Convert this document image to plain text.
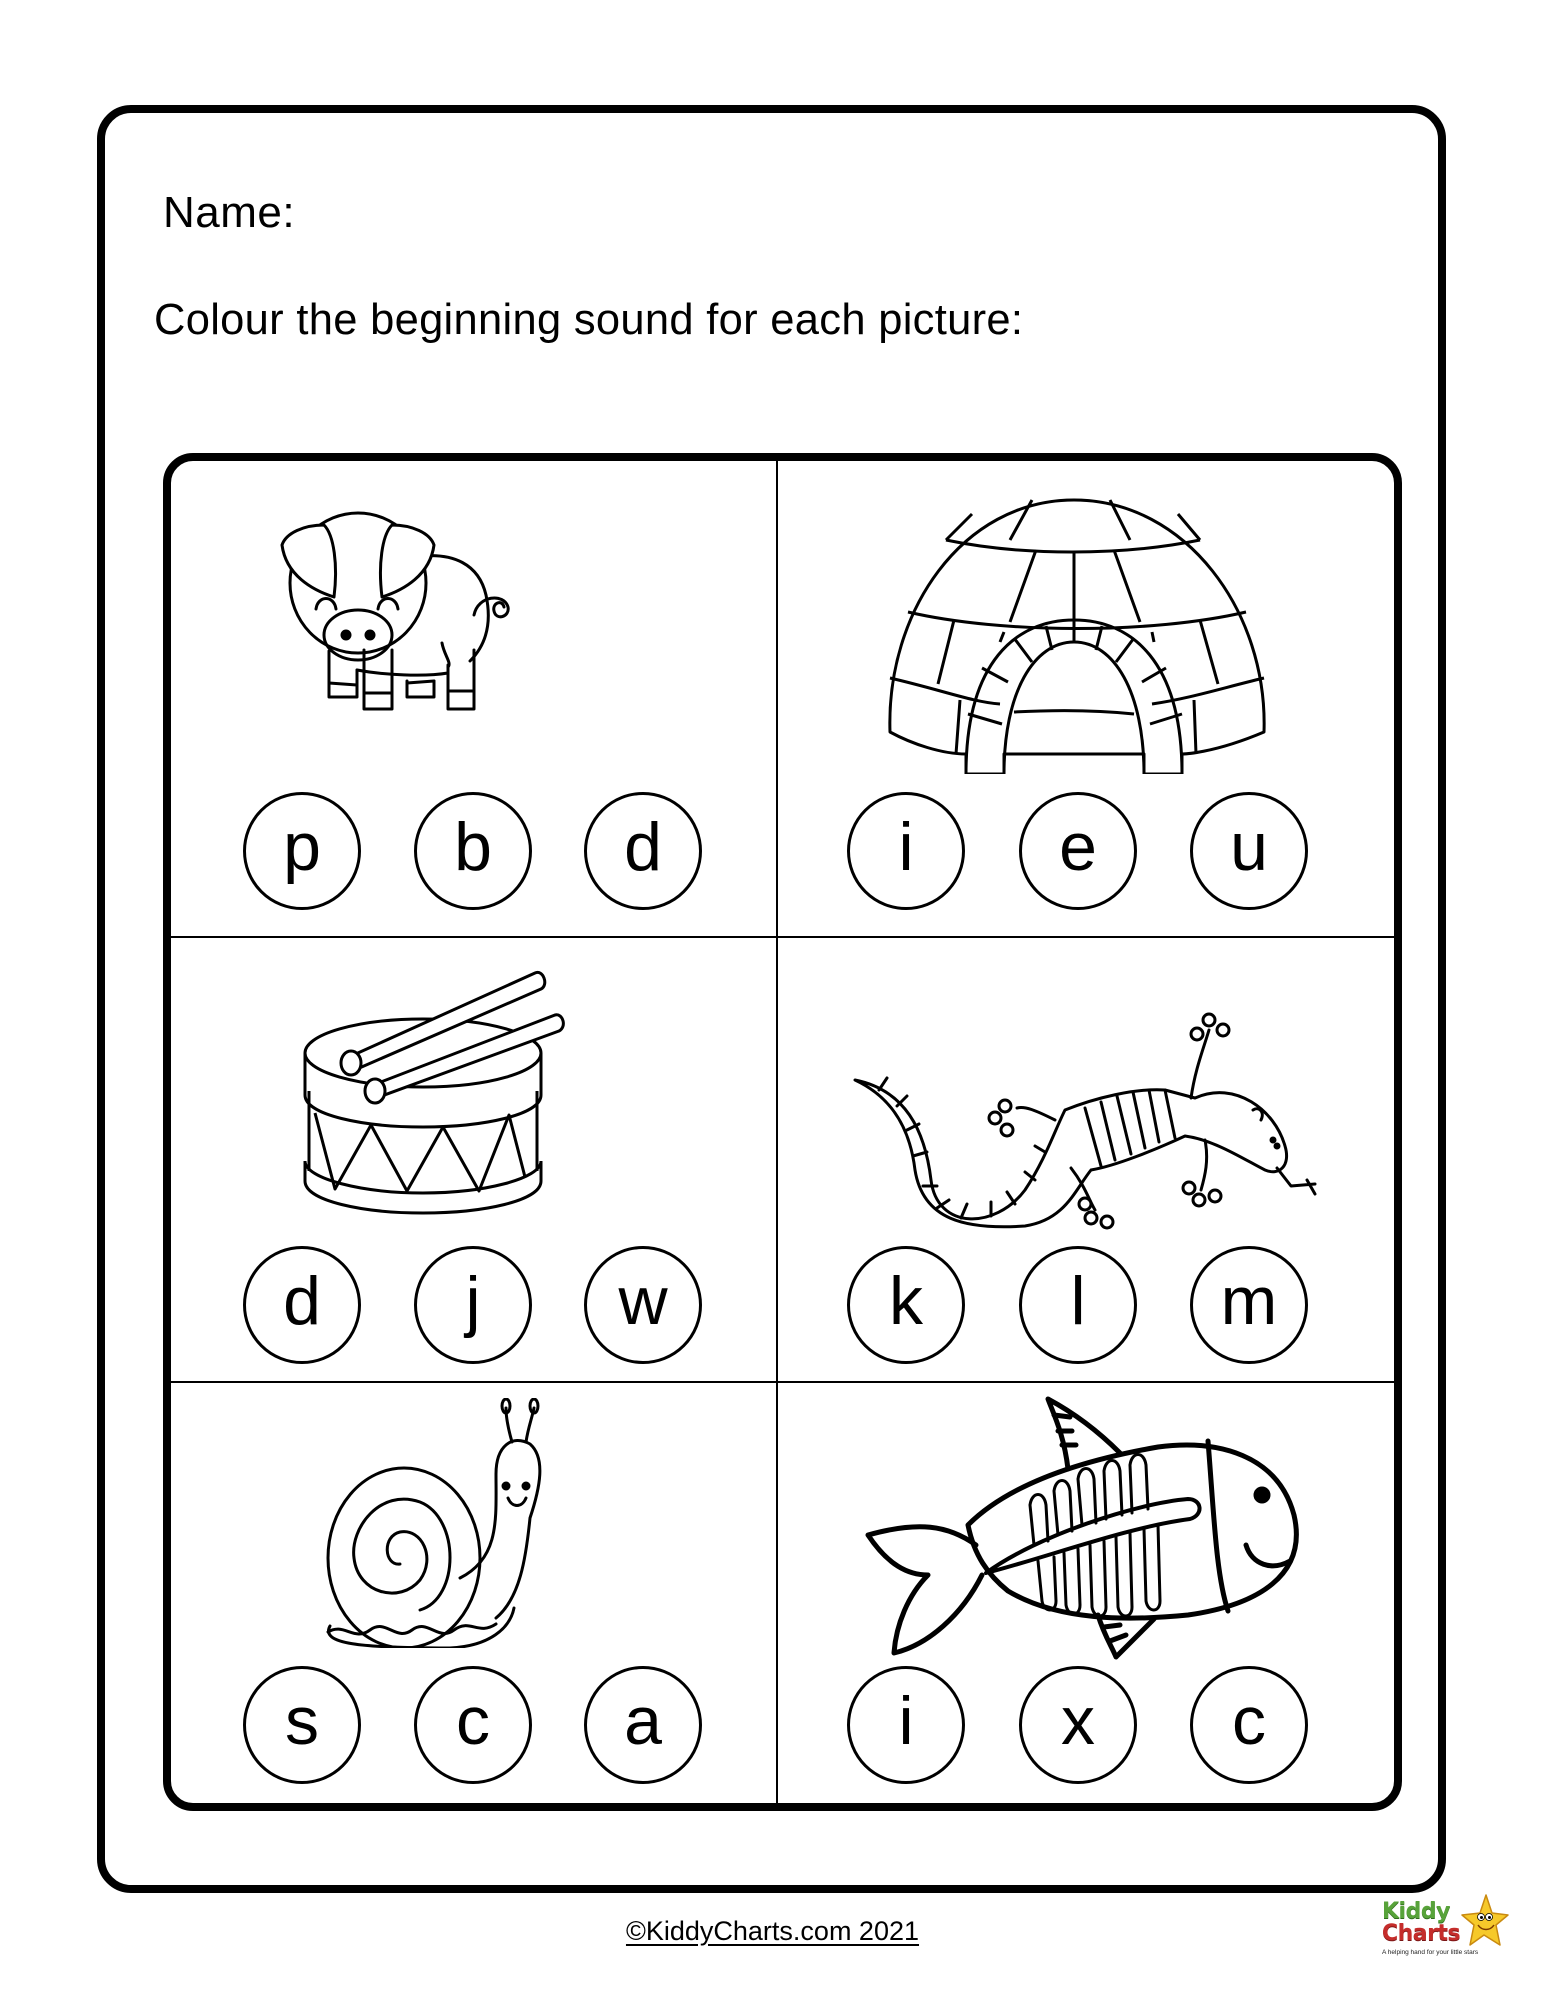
Name:
Colour the beginning sound for each picture:
p b d	i e u
d j w	k l m
s c a	i x c
©KiddyCharts.com 2021
Kiddy
Charts
A helping hand for your little stars
